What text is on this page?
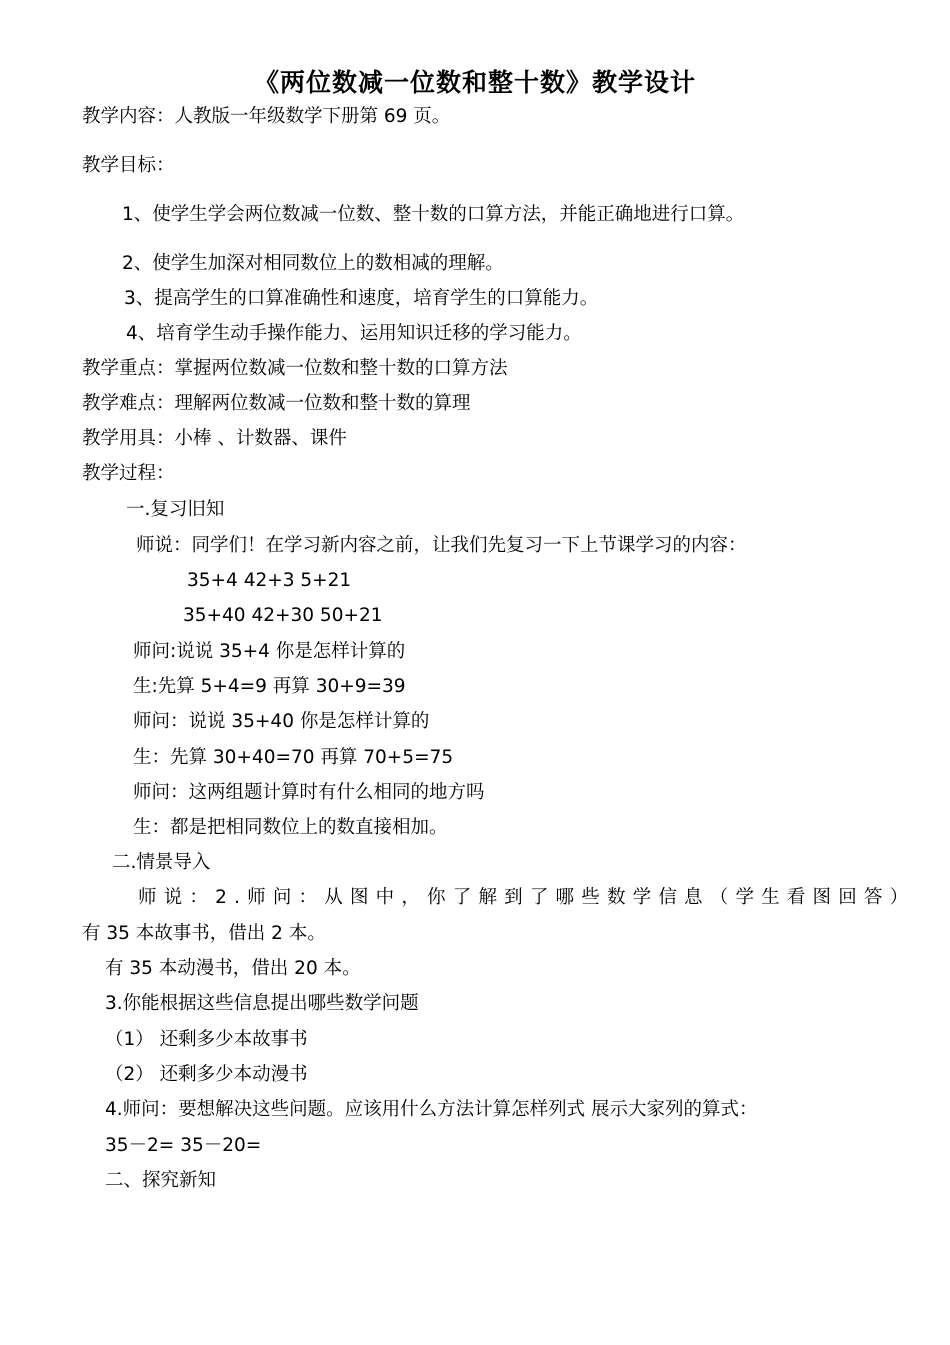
《两位数减一位数和整十数》教学设计
教学内容：人教版一年级数学下册第 69 页。
教学目标：
1、使学生学会两位数减一位数、整十数的口算方法，并能正确地进行口算。
2、使学生加深对相同数位上的数相减的理解。
3、提高学生的口算准确性和速度，培育学生的口算能力。
4、培育学生动手操作能力、运用知识迁移的学习能力。
教学重点：掌握两位数减一位数和整十数的口算方法
教学难点：理解两位数减一位数和整十数的算理
教学用具：小棒 、计数器、课件
教学过程：
一.复习旧知
师说：同学们！在学习新内容之前，让我们先复习一下上节课学习的内容：
35+4 42+3 5+21
35+40 42+30 50+21
师问:说说 35+4 你是怎样计算的
生:先算 5+4=9 再算 30+9=39
师问：说说 35+40 你是怎样计算的
生：先算 30+40=70 再算 70+5=75
师问：这两组题计算时有什么相同的地方吗
生：都是把相同数位上的数直接相加。
二.情景导入
师说：2.师问：从图中，你了解到了哪些数学信息（学生看图回答）
有 35 本故事书，借出 2 本。
有 35 本动漫书，借出 20 本。
3.你能根据这些信息提出哪些数学问题
（1） 还剩多少本故事书
（2） 还剩多少本动漫书
4.师问：要想解决这些问题。应该用什么方法计算怎样列式 展示大家列的算式：
35－2= 35－20=
二、探究新知
